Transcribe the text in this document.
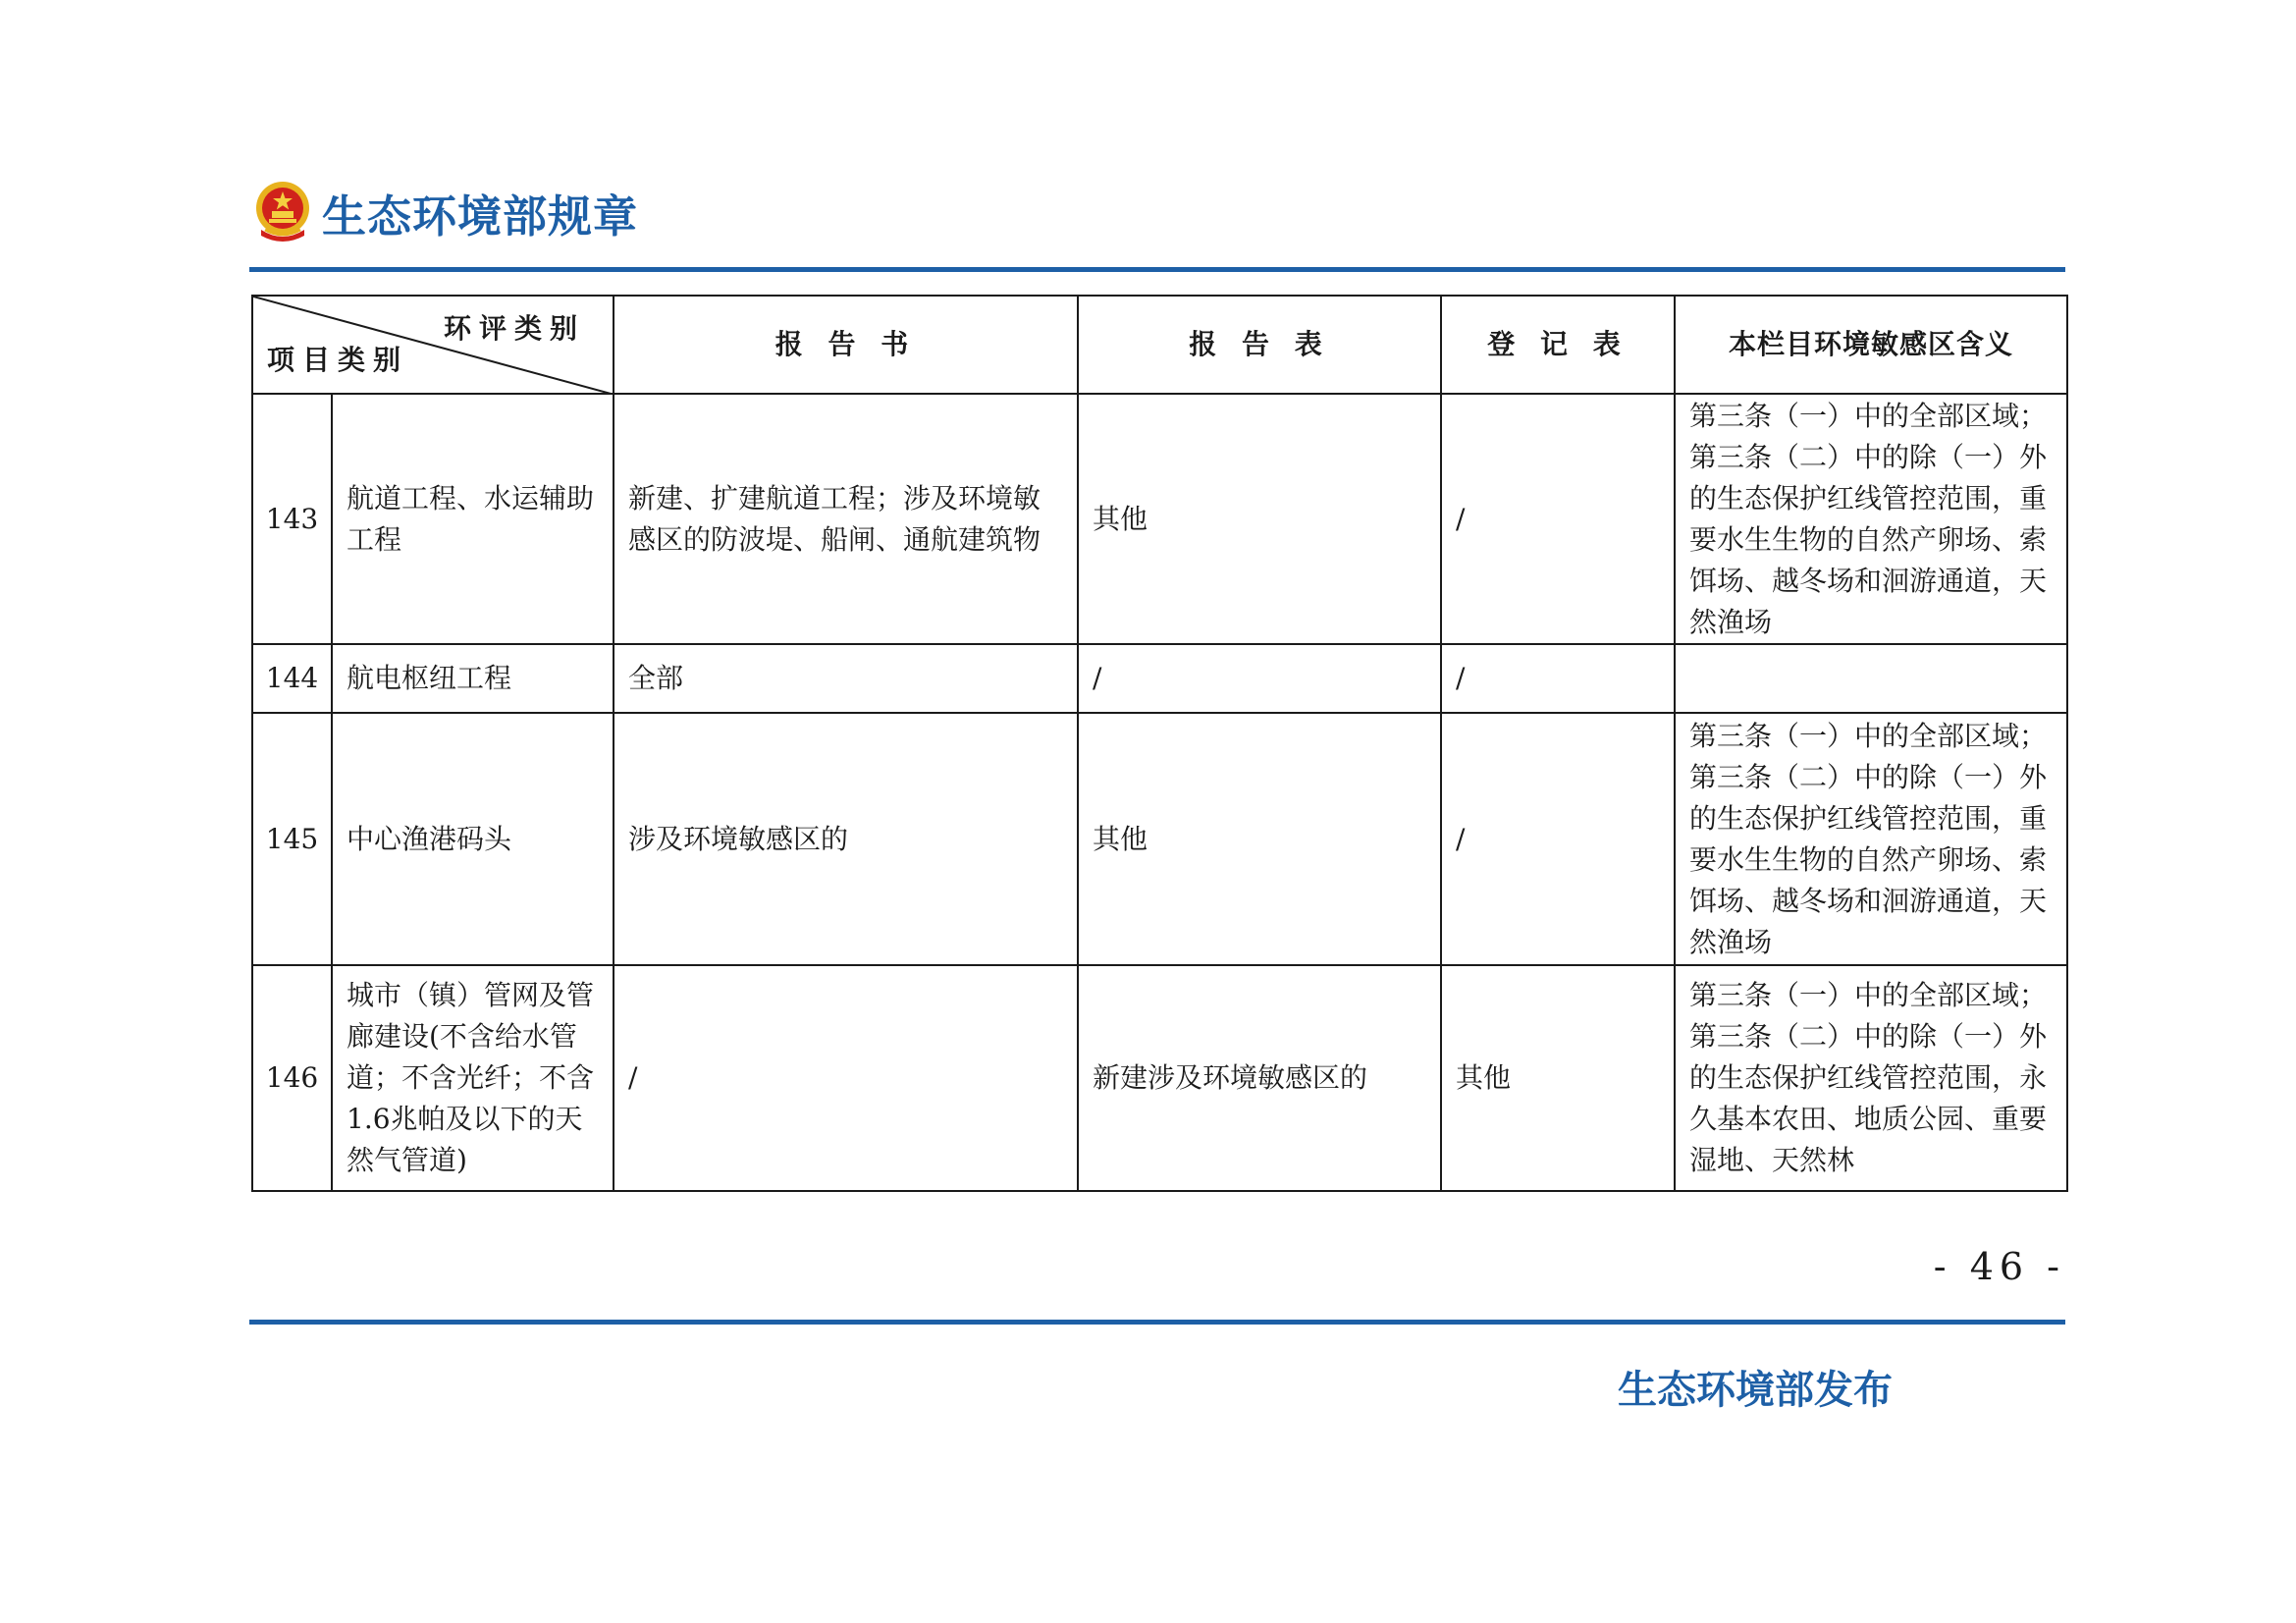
生态环境部规章
环评类别
项目类别		报 告 书	报 告 表	登 记 表	本栏目环境敏感区含义
143	航道工程、水运辅助工程	新建、扩建航道工程；涉及环境敏感区的防波堤、船闸、通航建筑物	其他	/	第三条（一）中的全部区域；第三条（二）中的除（一）外的生态保护红线管控范围，重要水生生物的自然产卵场、索饵场、越冬场和洄游通道，天然渔场
144	航电枢纽工程	全部	/	/	
145	中心渔港码头	涉及环境敏感区的	其他	/	第三条（一）中的全部区域；第三条（二）中的除（一）外的生态保护红线管控范围，重要水生生物的自然产卵场、索饵场、越冬场和洄游通道，天然渔场
146	城市（镇）管网及管廊建设(不含给水管道；不含光纤；不含1.6兆帕及以下的天然气管道)	/	新建涉及环境敏感区的	其他	第三条（一）中的全部区域；第三条（二）中的除（一）外的生态保护红线管控范围，永久基本农田、地质公园、重要湿地、天然林
- 46 -
生态环境部发布
